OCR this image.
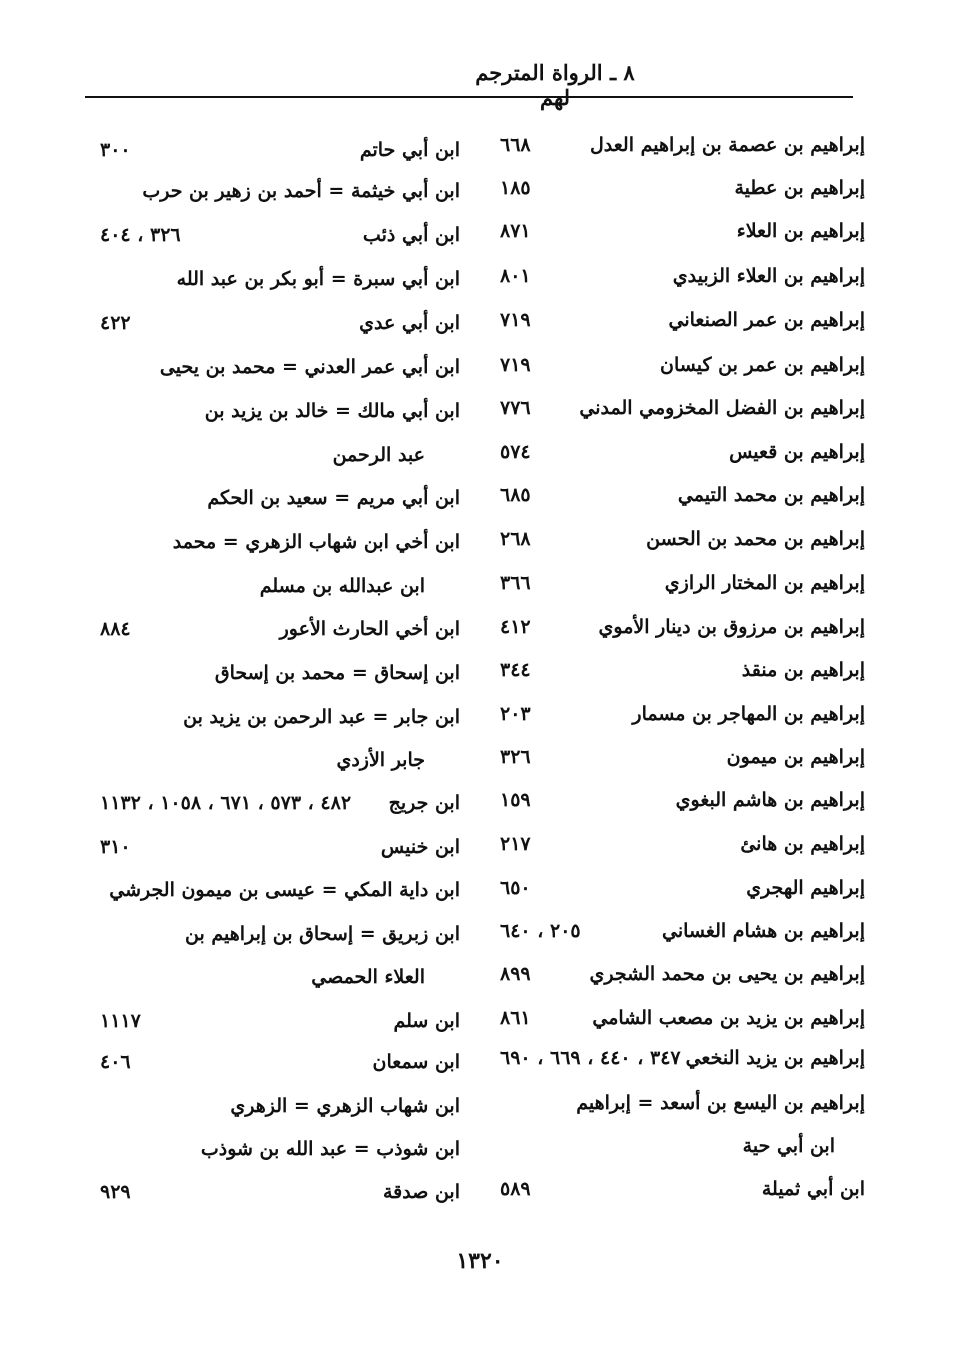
٨ ـ الرواة المترجم لهم
إبراهيم بن عصمة بن إبراهيم العدل
٦٦٨
إبراهيم بن عطية
١٨٥
إبراهيم بن العلاء
٨٧١
إبراهيم بن العلاء الزبيدي
٨٠١
إبراهيم بن عمر الصنعاني
٧١٩
إبراهيم بن عمر بن كيسان
٧١٩
إبراهيم بن الفضل المخزومي المدني
٧٧٦
إبراهيم بن قعيس
٥٧٤
إبراهيم بن محمد التيمي
٦٨٥
إبراهيم بن محمد بن الحسن
٢٦٨
إبراهيم بن المختار الرازي
٣٦٦
إبراهيم بن مرزوق بن دينار الأموي
٤١٢
إبراهيم بن منقذ
٣٤٤
إبراهيم بن المهاجر بن مسمار
٢٠٣
إبراهيم بن ميمون
٣٢٦
إبراهيم بن هاشم البغوي
١٥٩
إبراهيم بن هانئ
٢١٧
إبراهيم الهجري
٦٥٠
إبراهيم بن هشام الغساني
٢٠٥ ، ٦٤٠
إبراهيم بن يحيى بن محمد الشجري
٨٩٩
إبراهيم بن يزيد بن مصعب الشامي
٨٦١
إبراهيم بن يزيد النخعي
٣٤٧ ، ٤٤٠ ، ٦٦٩ ، ٦٩٠
إبراهيم بن اليسع بن أسعد = إبراهيم
ابن أبي حية
ابن أبي ثميلة
٥٨٩
ابن أبي حاتم
٣٠٠
ابن أبي خيثمة = أحمد بن زهير بن حرب
ابن أبي ذئب
٣٢٦ ، ٤٠٤
ابن أبي سبرة = أبو بكر بن عبد الله
ابن أبي عدي
٤٢٢
ابن أبي عمر العدني = محمد بن يحيى
ابن أبي مالك = خالد بن يزيد بن
عبد الرحمن
ابن أبي مريم = سعيد بن الحكم
ابن أخي ابن شهاب الزهري = محمد
ابن عبدالله بن مسلم
ابن أخي الحارث الأعور
٨٨٤
ابن إسحاق = محمد بن إسحاق
ابن جابر = عبد الرحمن بن يزيد بن
جابر الأزدي
ابن جريج
٤٨٢ ، ٥٧٣ ، ٦٧١ ، ١٠٥٨ ، ١١٣٢
ابن خنيس
٣١٠
ابن داية المكي = عيسى بن ميمون الجرشي
ابن زبريق = إسحاق بن إبراهيم بن
العلاء الحمصي
ابن سلم
١١١٧
ابن سمعان
٤٠٦
ابن شهاب الزهري = الزهري
ابن شوذب = عبد الله بن شوذب
ابن صدقة
٩٢٩
١٣٢٠
